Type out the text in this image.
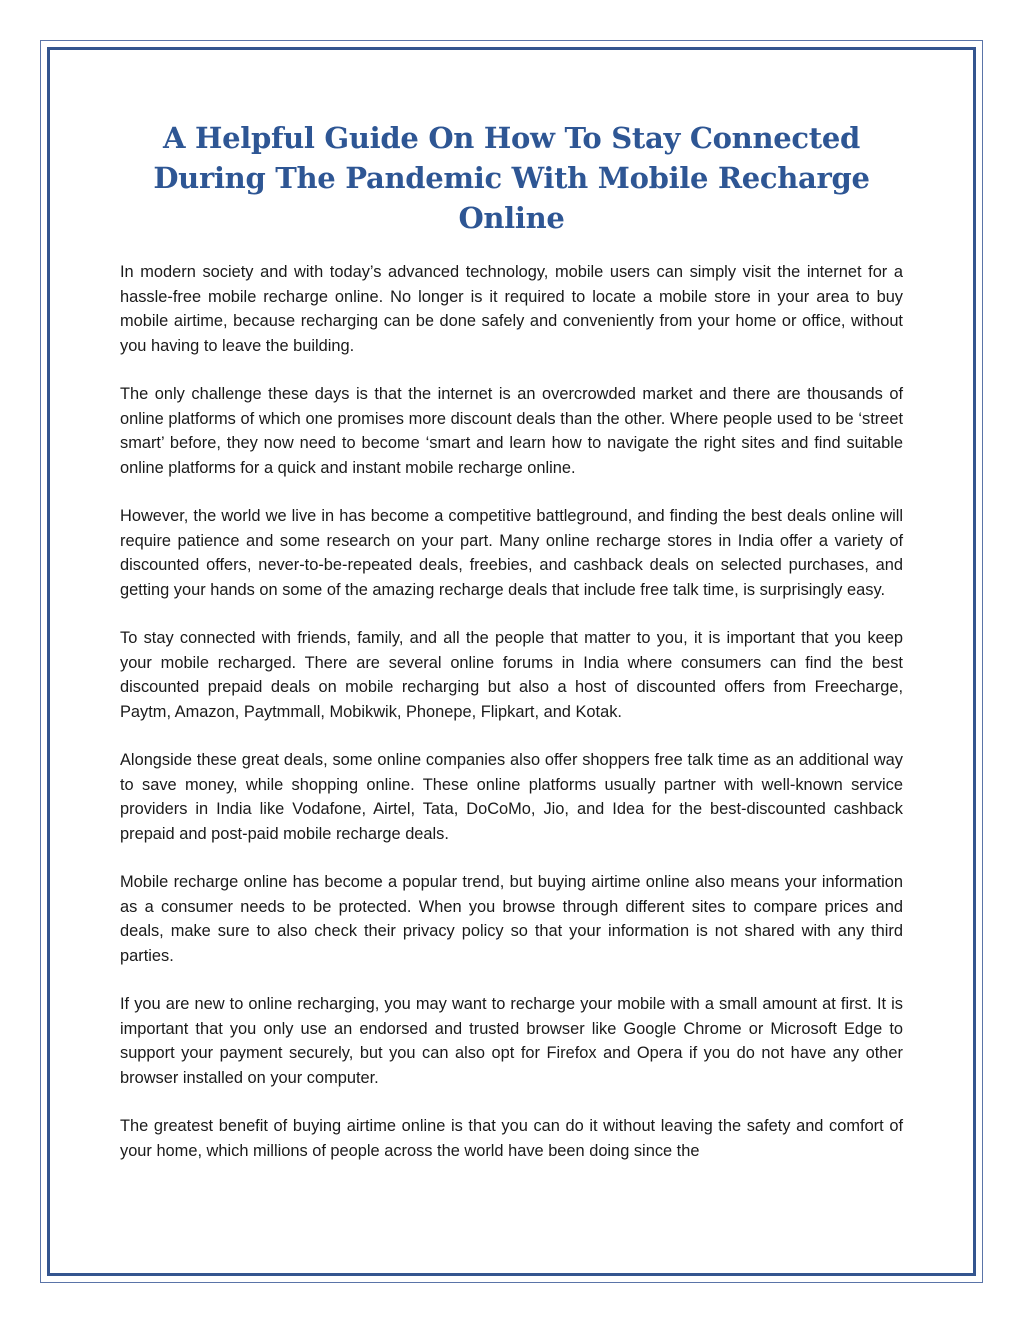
A Helpful Guide On How To Stay Connected During The Pandemic With Mobile Recharge Online

In modern society and with today’s advanced technology, mobile users can simply visit the internet for a hassle-free mobile recharge online. No longer is it required to locate a mobile store in your area to buy mobile airtime, because recharging can be done safely and conveniently from your home or office, without you having to leave the building.

The only challenge these days is that the internet is an overcrowded market and there are thousands of online platforms of which one promises more discount deals than the other. Where people used to be ‘street smart’ before, they now need to become ‘smart and learn how to navigate the right sites and find suitable online platforms for a quick and instant mobile recharge online.

However, the world we live in has become a competitive battleground, and finding the best deals online will require patience and some research on your part. Many online recharge stores in India offer a variety of discounted offers, never-to-be-repeated deals, freebies, and cashback deals on selected purchases, and getting your hands on some of the amazing recharge deals that include free talk time, is surprisingly easy.

To stay connected with friends, family, and all the people that matter to you, it is important that you keep your mobile recharged. There are several online forums in India where consumers can find the best discounted prepaid deals on mobile recharging but also a host of discounted offers from Freecharge, Paytm, Amazon, Paytmmall, Mobikwik, Phonepe, Flipkart, and Kotak.

Alongside these great deals, some online companies also offer shoppers free talk time as an additional way to save money, while shopping online. These online platforms usually partner with well-known service providers in India like Vodafone, Airtel, Tata, DoCoMo, Jio, and Idea for the best-discounted cashback prepaid and post-paid mobile recharge deals.

Mobile recharge online has become a popular trend, but buying airtime online also means your information as a consumer needs to be protected. When you browse through different sites to compare prices and deals, make sure to also check their privacy policy so that your information is not shared with any third parties.

If you are new to online recharging, you may want to recharge your mobile with a small amount at first. It is important that you only use an endorsed and trusted browser like Google Chrome or Microsoft Edge to support your payment securely, but you can also opt for Firefox and Opera if you do not have any other browser installed on your computer.

The greatest benefit of buying airtime online is that you can do it without leaving the safety and comfort of your home, which millions of people across the world have been doing since the
